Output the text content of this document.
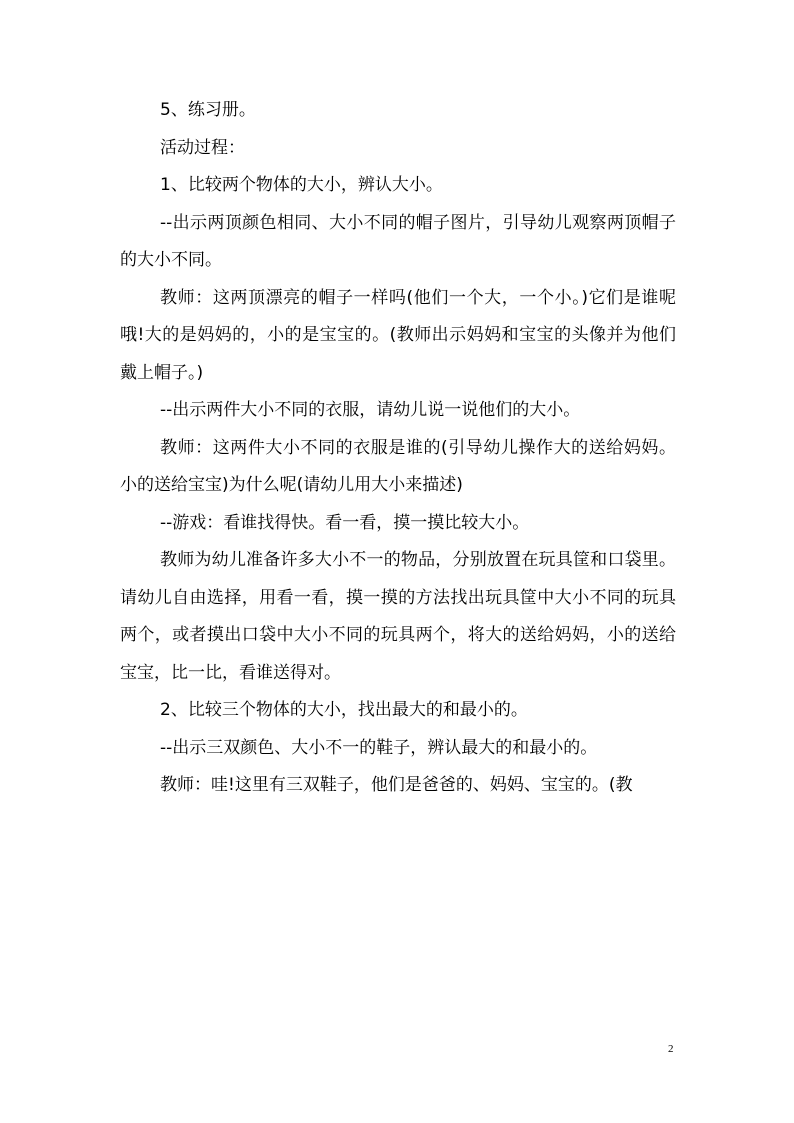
5、练习册。

活动过程：

1、比较两个物体的大小，辨认大小。

--出示两顶颜色相同、大小不同的帽子图片，引导幼儿观察两顶帽子的大小不同。

教师：这两顶漂亮的帽子一样吗(他们一个大，一个小。)它们是谁呢哦!大的是妈妈的，小的是宝宝的。(教师出示妈妈和宝宝的头像并为他们戴上帽子。)

--出示两件大小不同的衣服，请幼儿说一说他们的大小。

教师：这两件大小不同的衣服是谁的(引导幼儿操作大的送给妈妈。小的送给宝宝)为什么呢(请幼儿用大小来描述)

--游戏：看谁找得快。看一看，摸一摸比较大小。

教师为幼儿准备许多大小不一的物品，分别放置在玩具筐和口袋里。请幼儿自由选择，用看一看，摸一摸的方法找出玩具筐中大小不同的玩具两个，或者摸出口袋中大小不同的玩具两个，将大的送给妈妈，小的送给宝宝，比一比，看谁送得对。

2、比较三个物体的大小，找出最大的和最小的。

--出示三双颜色、大小不一的鞋子，辨认最大的和最小的。

教师：哇!这里有三双鞋子，他们是爸爸的、妈妈、宝宝的。(教

2
